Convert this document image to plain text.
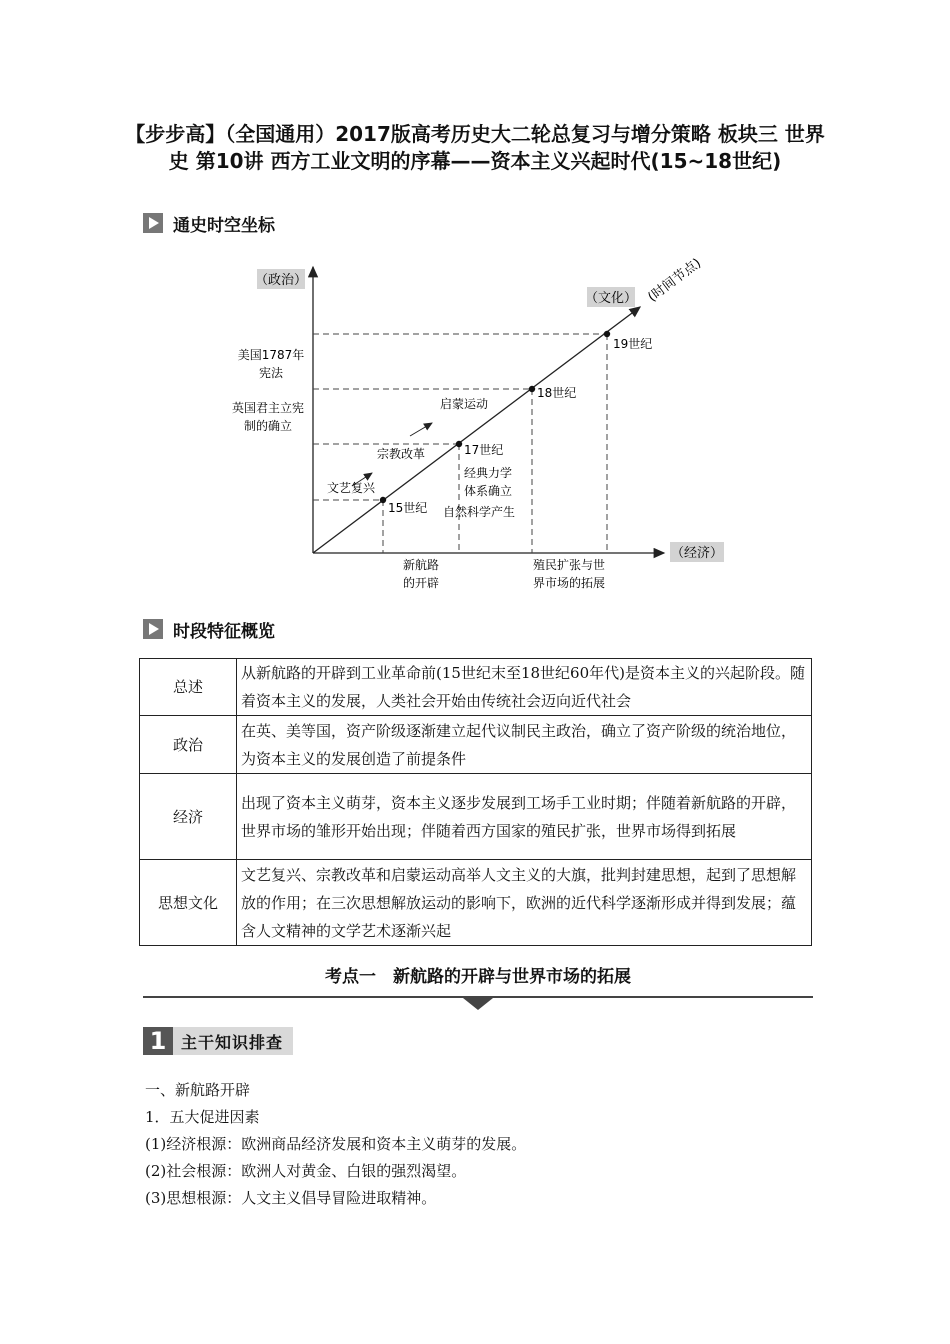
【步步高】（全国通用）2017版高考历史大二轮总复习与增分策略 板块三 世界史 第10讲 西方工业文明的序幕——资本主义兴起时代(15~18世纪)
通史时空坐标
（政治）
（文化） (时间节点)
（经济）
15世纪
17世纪
18世纪
19世纪
美国1787年
宪法
英国君主立宪
制的确立
文艺复兴
宗教改革
启蒙运动
经典力学
体系确立
自然科学产生
新航路
的开辟
殖民扩张与世
界市场的拓展
时段特征概览
总述	从新航路的开辟到工业革命前(15世纪末至18世纪60年代)是资本主义的兴起阶段。随着资本主义的发展，人类社会开始由传统社会迈向近代社会
政治	在英、美等国，资产阶级逐渐建立起代议制民主政治，确立了资产阶级的统治地位，为资本主义的发展创造了前提条件
经济	出现了资本主义萌芽，资本主义逐步发展到工场手工业时期；伴随着新航路的开辟，世界市场的雏形开始出现；伴随着西方国家的殖民扩张，世界市场得到拓展
思想文化	文艺复兴、宗教改革和启蒙运动高举人文主义的大旗，批判封建思想，起到了思想解放的作用；在三次思想解放运动的影响下，欧洲的近代科学逐渐形成并得到发展；蕴含人文精神的文学艺术逐渐兴起
考点一　新航路的开辟与世界市场的拓展
1 主干知识排查
一、新航路开辟
1．五大促进因素
(1)经济根源：欧洲商品经济发展和资本主义萌芽的发展。
(2)社会根源：欧洲人对黄金、白银的强烈渴望。
(3)思想根源：人文主义倡导冒险进取精神。
